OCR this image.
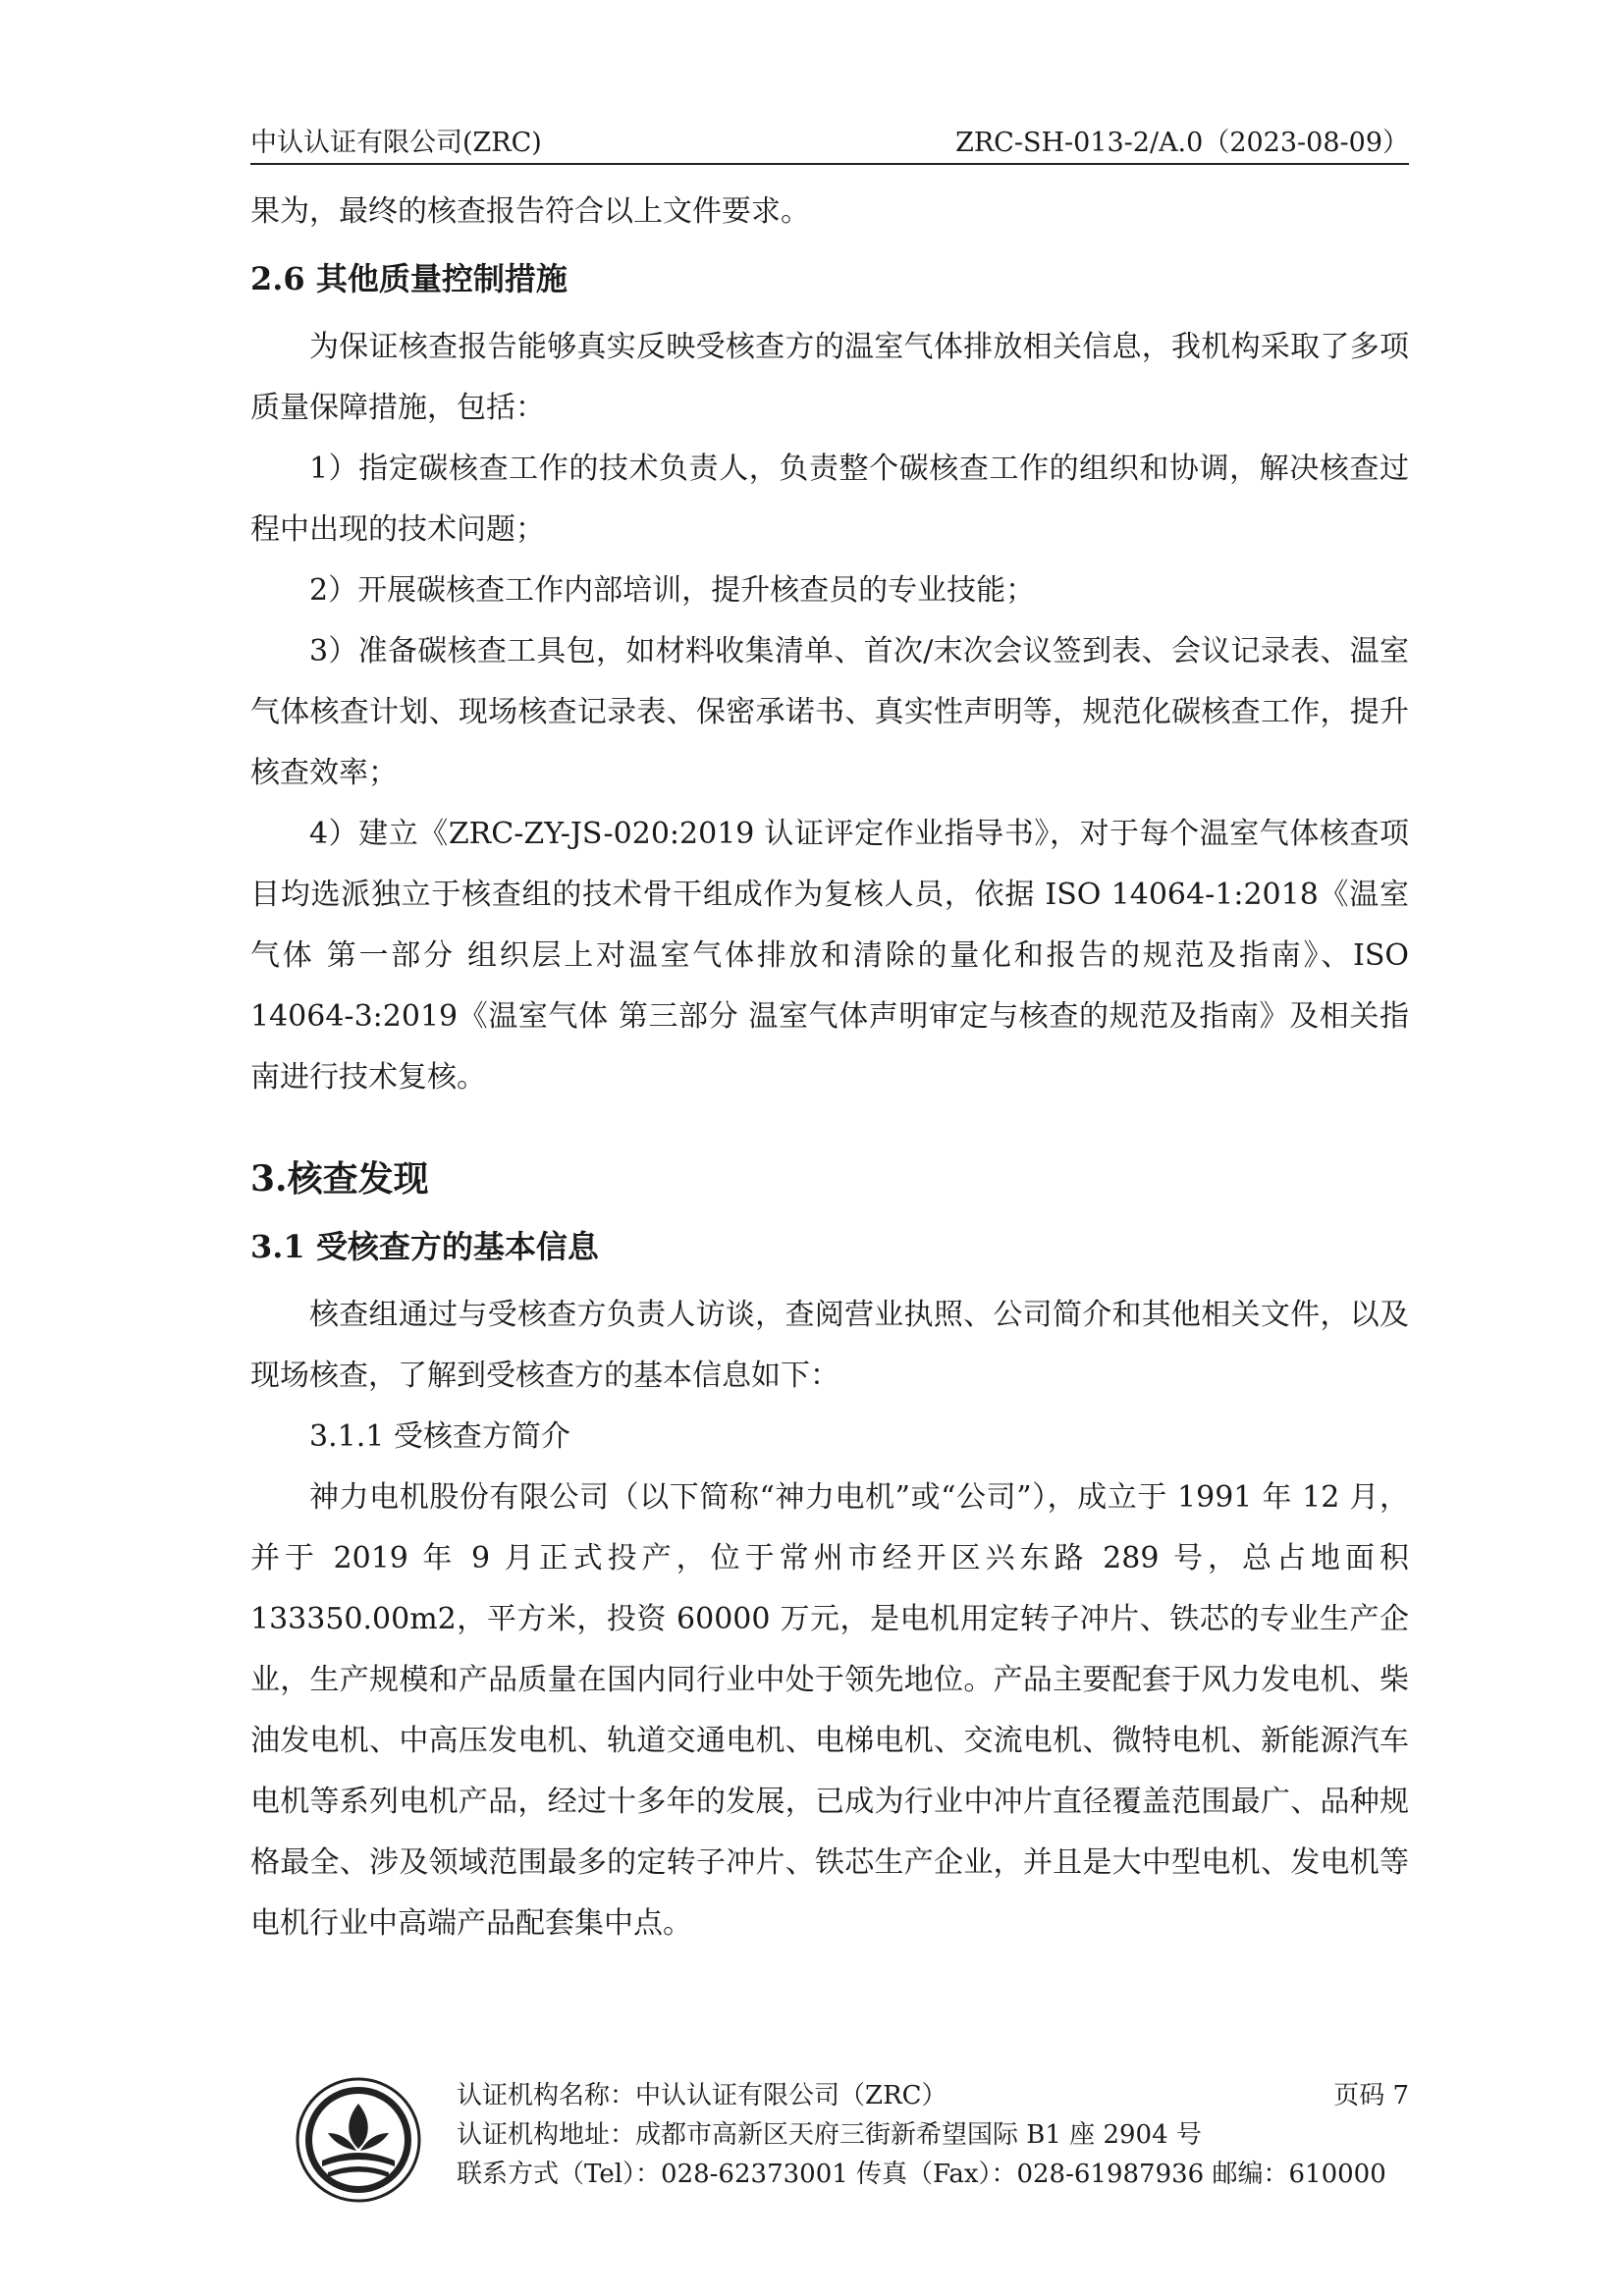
中认认证有限公司(ZRC)	ZRC-SH-013-2/A.0（2023-08-09）

果为，最终的核查报告符合以上文件要求。

2.6 其他质量控制措施

为保证核查报告能够真实反映受核查方的温室气体排放相关信息，我机构采取了多项质量保障措施，包括：

1）指定碳核查工作的技术负责人，负责整个碳核查工作的组织和协调，解决核查过程中出现的技术问题；

2）开展碳核查工作内部培训，提升核查员的专业技能；

3）准备碳核查工具包，如材料收集清单、首次/末次会议签到表、会议记录表、温室气体核查计划、现场核查记录表、保密承诺书、真实性声明等，规范化碳核查工作，提升核查效率；

4）建立《ZRC-ZY-JS-020:2019 认证评定作业指导书》，对于每个温室气体核查项目均选派独立于核查组的技术骨干组成作为复核人员，依据 ISO 14064-1:2018《温室气体 第一部分 组织层上对温室气体排放和清除的量化和报告的规范及指南》、ISO 14064-3:2019《温室气体 第三部分 温室气体声明审定与核查的规范及指南》及相关指南进行技术复核。

3.核查发现
3.1 受核查方的基本信息

核查组通过与受核查方负责人访谈，查阅营业执照、公司简介和其他相关文件，以及现场核查，了解到受核查方的基本信息如下：

3.1.1 受核查方简介

神力电机股份有限公司（以下简称“神力电机”或“公司”），成立于 1991 年 12 月，并于 2019 年 9 月正式投产，位于常州市经开区兴东路 289 号，总占地面积 133350.00m2，平方米，投资 60000 万元，是电机用定转子冲片、铁芯的专业生产企业，生产规模和产品质量在国内同行业中处于领先地位。产品主要配套于风力发电机、柴油发电机、中高压发电机、轨道交通电机、电梯电机、交流电机、微特电机、新能源汽车电机等系列电机产品，经过十多年的发展，已成为行业中冲片直径覆盖范围最广、品种规格最全、涉及领域范围最多的定转子冲片、铁芯生产企业，并且是大中型电机、发电机等电机行业中高端产品配套集中点。

认证机构名称：中认认证有限公司（ZRC）
认证机构地址：成都市高新区天府三街新希望国际 B1 座 2904 号
联系方式（Tel）：028-62373001 传真（Fax）：028-61987936 邮编：610000
页码 7
